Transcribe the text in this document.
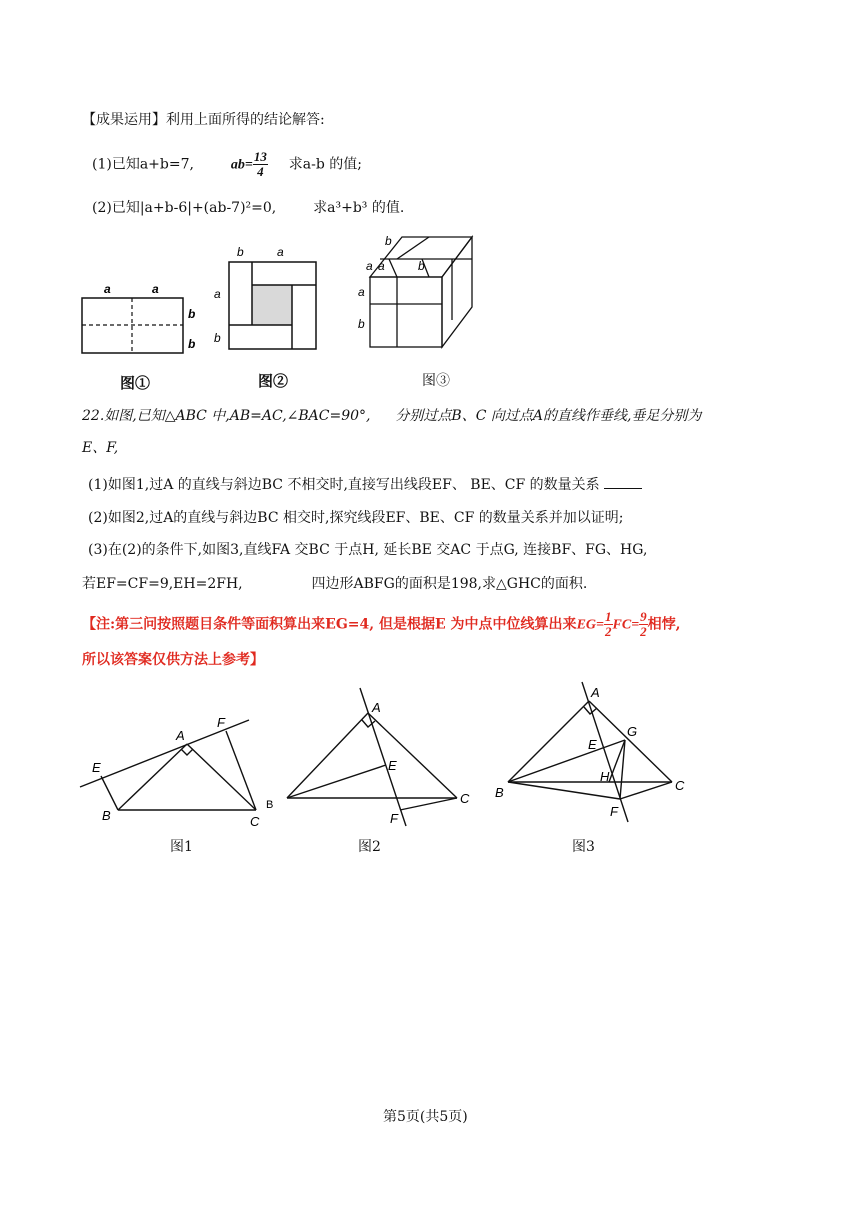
【成果运用】利用上面所得的结论解答:
(1)已知a+b=7,	$ab= \frac{13}{4}$ 求a-b 的值;
(2)已知|a+b-6|+(ab-7)²=0,	求a³+b³ 的值.
a	a
b
b
b	a
a
b
b
a a	b
a
b
图①	图②	图③
22.如图,已知△ABC 中,AB=AC,∠BAC=90°, 分别过点B、C 向过点A的直线作垂线,垂足分别为
E、F,
(1)如图1,过A 的直线与斜边BC 不相交时,直接写出线段EF、 BE、CF 的数量关系
(2)如图2,过A的直线与斜边BC 相交时,探究线段EF、BE、CF 的数量关系并加以证明;
(3)在(2)的条件下,如图3,直线FA 交BC 于点H, 延长BE 交AC 于点G, 连接BF、FG、HG,
若EF=CF=9,EH=2FH,	四边形ABFG的面积是198,求△GHC的面积.
【注:第三问按照题目条件等面积算出来EG=4, 但是根据E 为中点中位线算出来$EG= \frac{1}{2} FC= \frac{9}{2}$ 相悖,
所以该答案仅供方法上参考】
E
A
F
B	C
B
图1
A
E
C
F
图2
A
E
G
H
B	C
F
图3
第5页(共5页)
